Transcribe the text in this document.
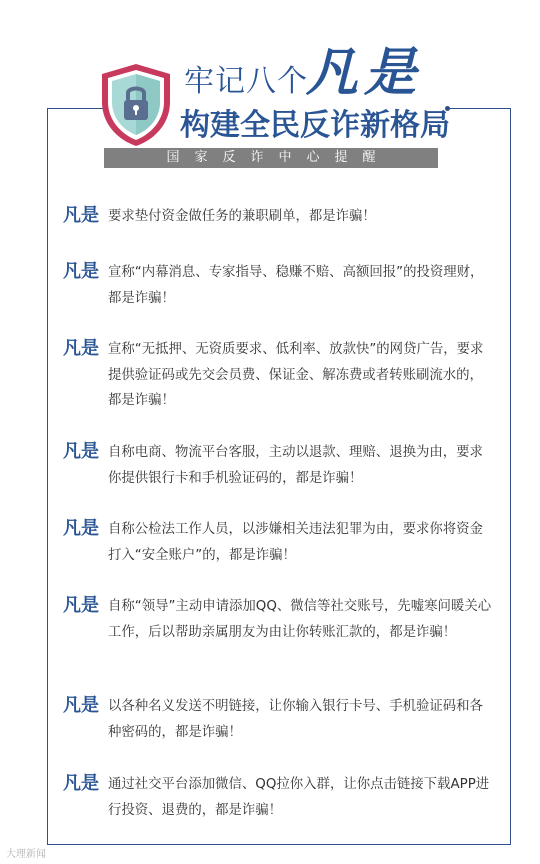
牢记八个
凡是
构建全民反诈新格局
国家反诈中心提醒
凡是 要求垫付资金做任务的兼职刷单，都是诈骗！
凡是 宣称“内幕消息、专家指导、稳赚不赔、高额回报”的投资理财，都是诈骗！
凡是 宣称“无抵押、无资质要求、低利率、放款快”的网贷广告，要求提供验证码或先交会员费、保证金、解冻费或者转账刷流水的，都是诈骗！
凡是 自称电商、物流平台客服，主动以退款、理赔、退换为由，要求你提供银行卡和手机验证码的，都是诈骗！
凡是 自称公检法工作人员，以涉嫌相关违法犯罪为由，要求你将资金打入“安全账户”的，都是诈骗！
凡是 自称“领导”主动申请添加QQ、微信等社交账号，先嘘寒问暖关心工作，后以帮助亲属朋友为由让你转账汇款的，都是诈骗！
凡是 以各种名义发送不明链接，让你输入银行卡号、手机验证码和各种密码的，都是诈骗！
凡是 通过社交平台添加微信、QQ拉你入群，让你点击链接下载APP进行投资、退费的，都是诈骗！
大理新闻
